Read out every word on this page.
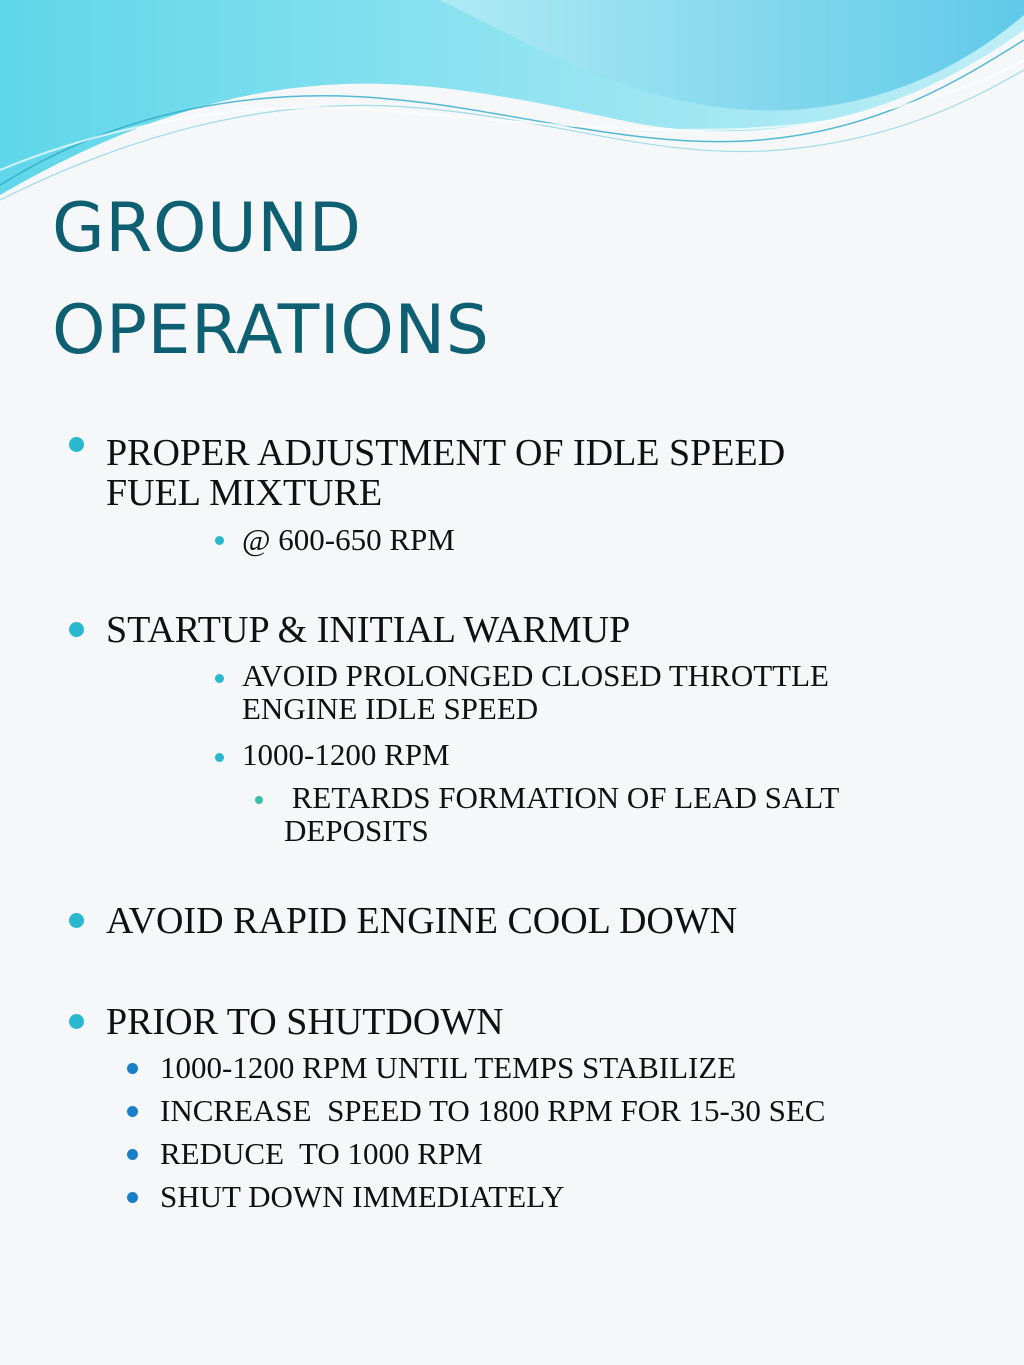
GROUND
OPERATIONS
PROPER ADJUSTMENT OF IDLE SPEED
FUEL MIXTURE
@ 600-650 RPM
STARTUP & INITIAL WARMUP
AVOID PROLONGED CLOSED THROTTLE
ENGINE IDLE SPEED
1000-1200 RPM
RETARDS FORMATION OF LEAD SALT
DEPOSITS
AVOID RAPID ENGINE COOL DOWN
PRIOR TO SHUTDOWN
1000-1200 RPM UNTIL TEMPS STABILIZE
INCREASE  SPEED TO 1800 RPM FOR 15-30 SEC
REDUCE  TO 1000 RPM
SHUT DOWN IMMEDIATELY
